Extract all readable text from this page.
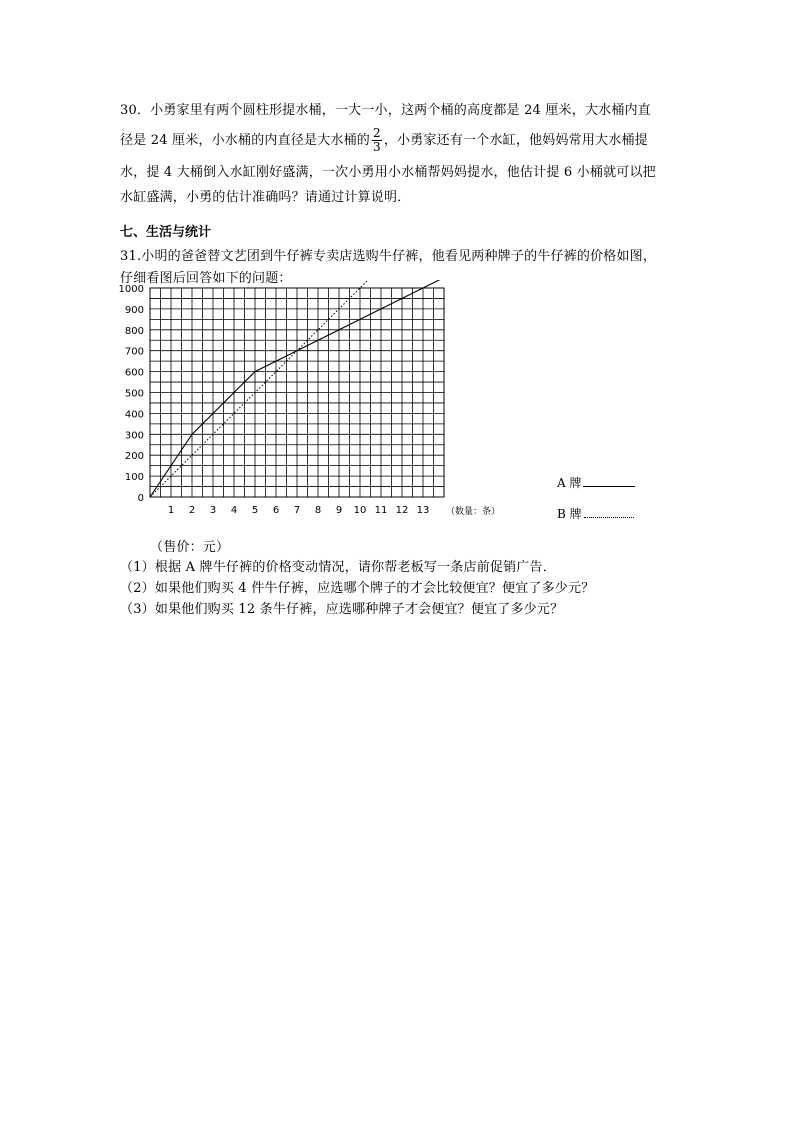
30．小勇家里有两个圆柱形提水桶，一大一小，这两个桶的高度都是 24 厘米，大水桶内直
径是 24 厘米，小水桶的内直径是大水桶的 $\frac{2}{3}$ ，小勇家还有一个水缸，他妈妈常用大水桶提
水，提 4 大桶倒入水缸刚好盛满，一次小勇用小水桶帮妈妈提水，他估计提 6 小桶就可以把
水缸盛满，小勇的估计准确吗？请通过计算说明．
七、生活与统计
31.小明的爸爸替文艺团到牛仔裤专卖店选购牛仔裤，他看见两种牌子的牛仔裤的价格如图，
仔细看图后回答如下的问题：
0
100
200
300
400
500
600
700
800
900
1000
1 2 3 4 5 6 7 8 9 10 11 12 13 （数量：条）
A 牌
B 牌
（售价：元）
（1）根据 A 牌牛仔裤的价格变动情况，请你帮老板写一条店前促销广告．
（2）如果他们购买 4 件牛仔裤，应选哪个牌子的才会比较便宜？便宜了多少元？
（3）如果他们购买 12 条牛仔裤，应选哪种牌子才会便宜？便宜了多少元？
